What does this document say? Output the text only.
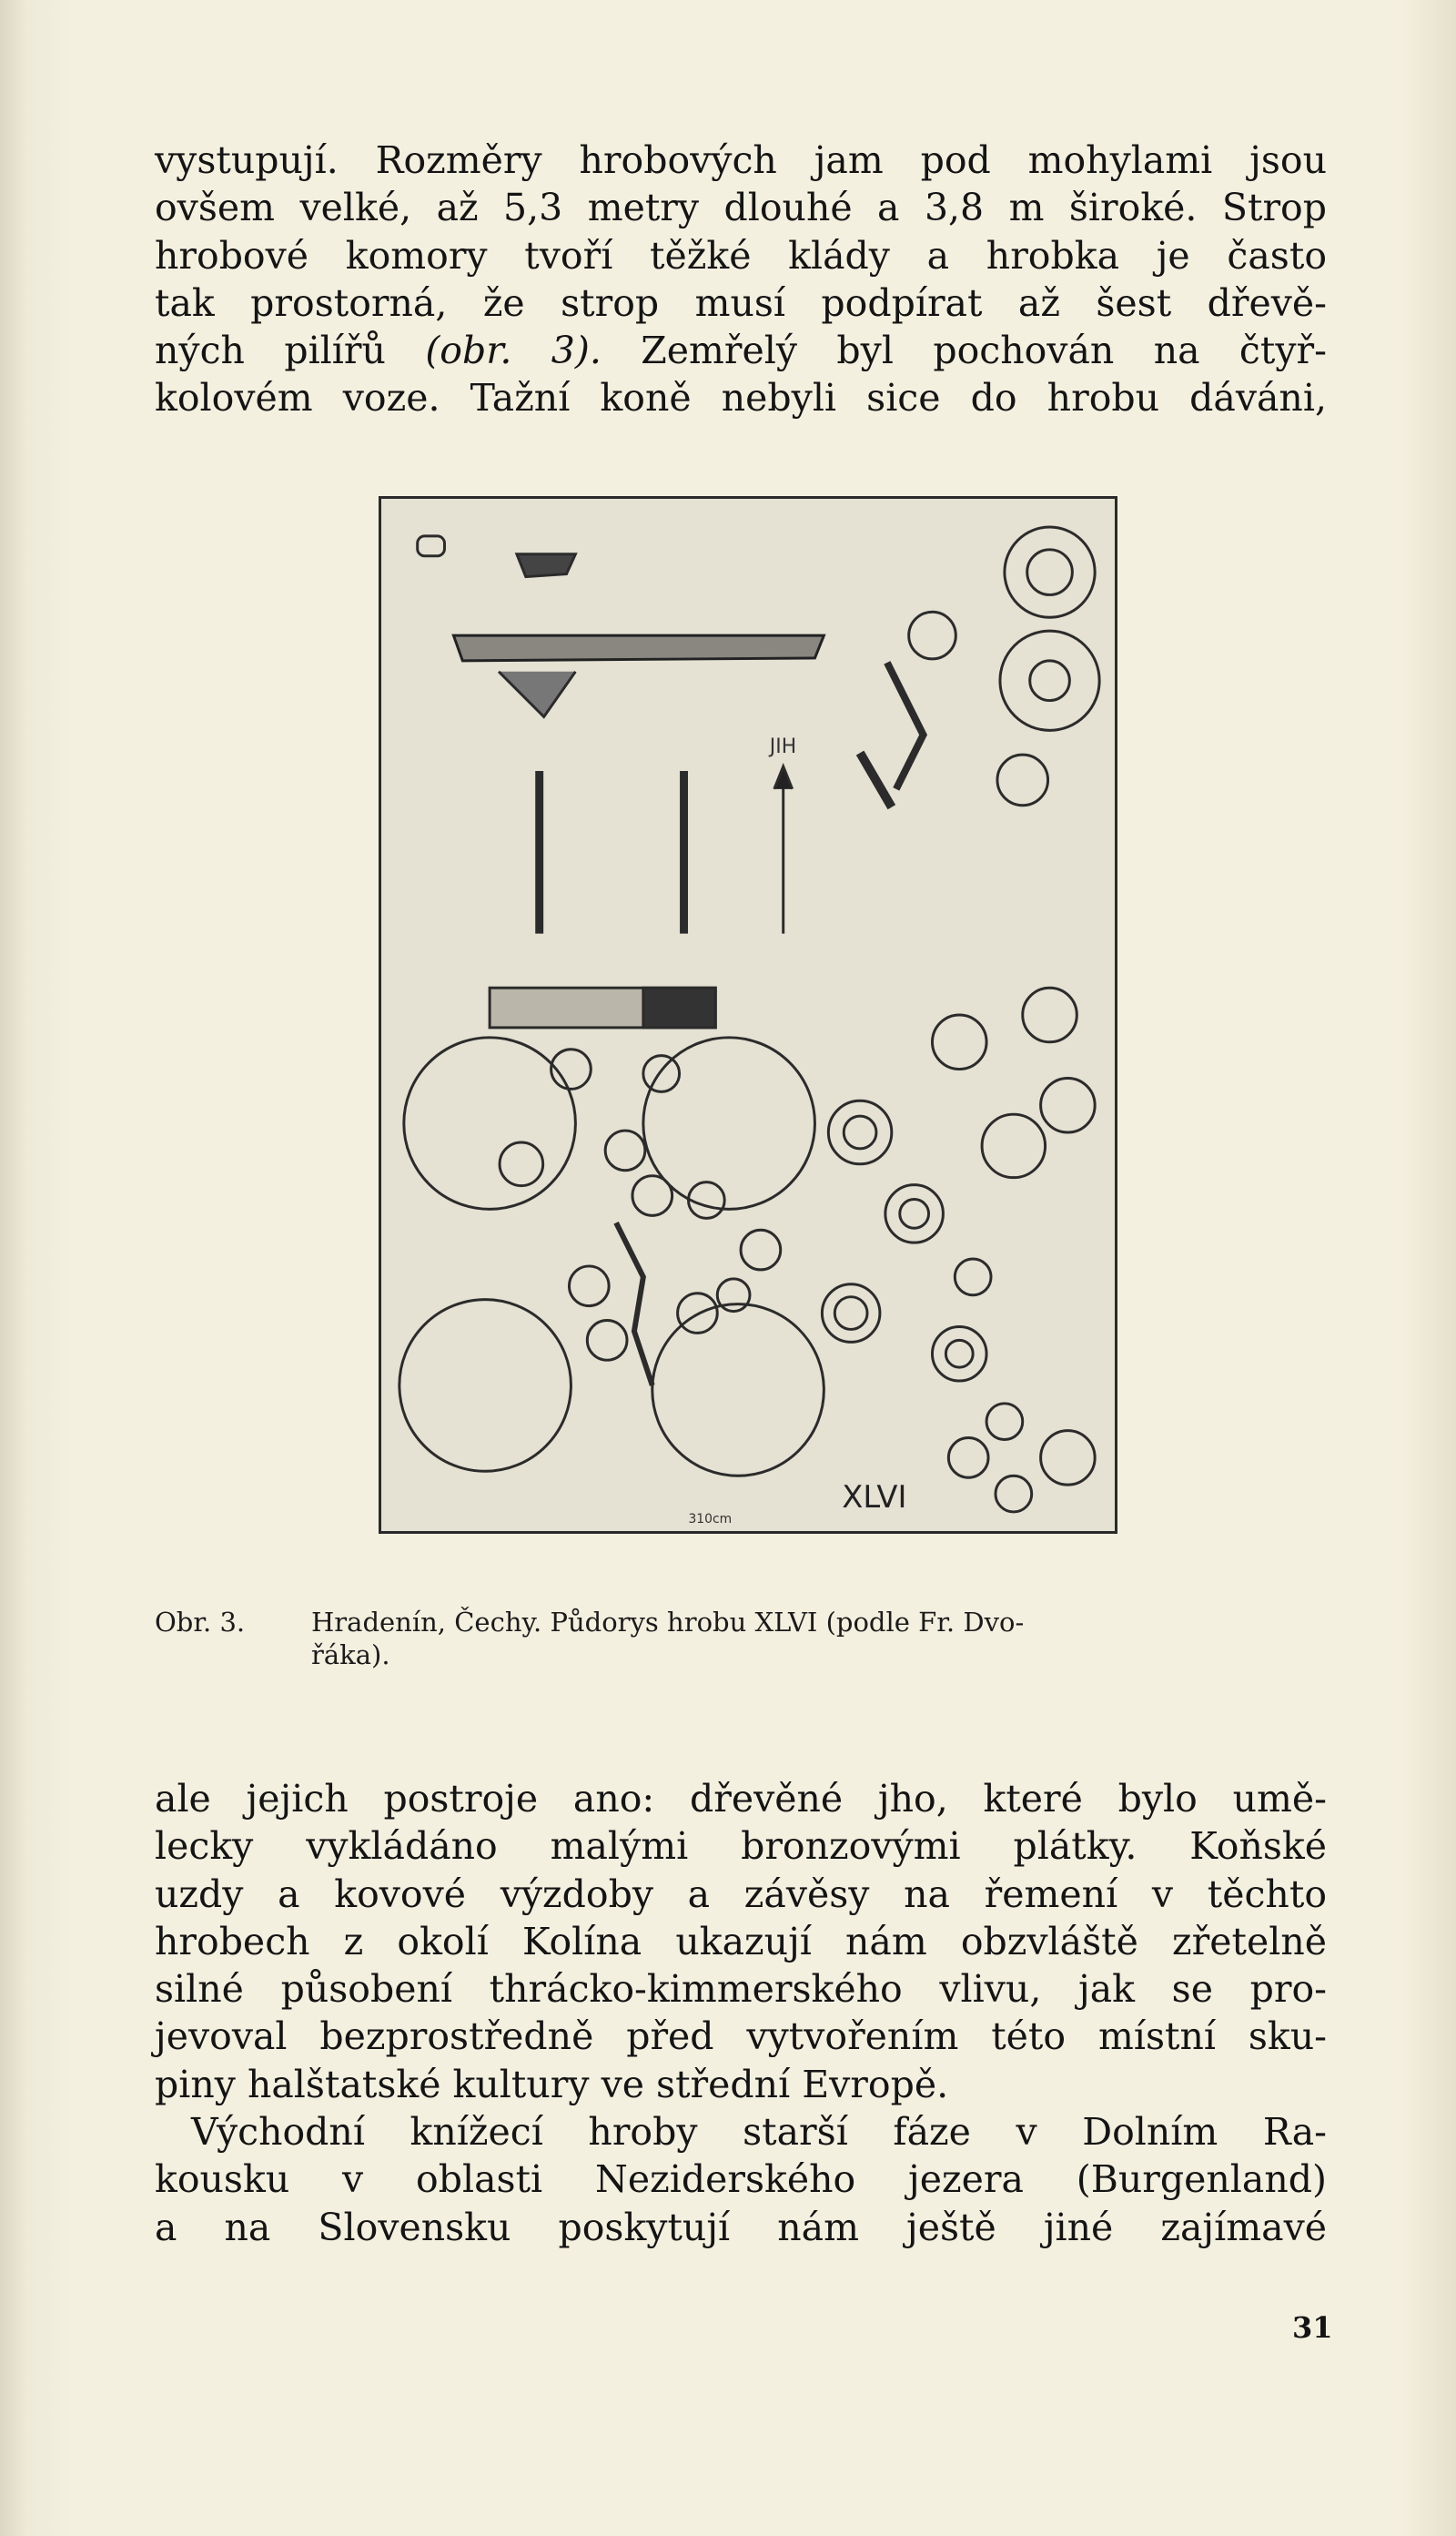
vystupují. Rozměry hrobových jam pod mohylami jsou
ovšem velké, až 5,3 metry dlouhé a 3,8 m široké. Strop
hrobové komory tvoří těžké klády a hrobka je často
tak prostorná, že strop musí podpírat až šest dřevě-
ných pilířů (obr. 3). Zemřelý byl pochován na čtyř-
kolovém voze. Tažní koně nebyli sice do hrobu dáváni,
JIH
XLVI
310cm
Obr. 3.	Hradenín, Čechy. Půdorys hrobu XLVI (podle Fr. Dvo-
řáka).
ale jejich postroje ano: dřevěné jho, které bylo umě-
lecky vykládáno malými bronzovými plátky. Koňské
uzdy a kovové výzdoby a závěsy na řemení v těchto
hrobech z okolí Kolína ukazují nám obzvláště zřetelně
silné působení thrácko-kimmerského vlivu, jak se pro-
jevoval bezprostředně před vytvořením této místní sku-
piny halštatské kultury ve střední Evropě.
Východní knížecí hroby starší fáze v Dolním Ra-
kousku v oblasti Neziderského jezera (Burgenland)
a na Slovensku poskytují nám ještě jiné zajímavé
31
